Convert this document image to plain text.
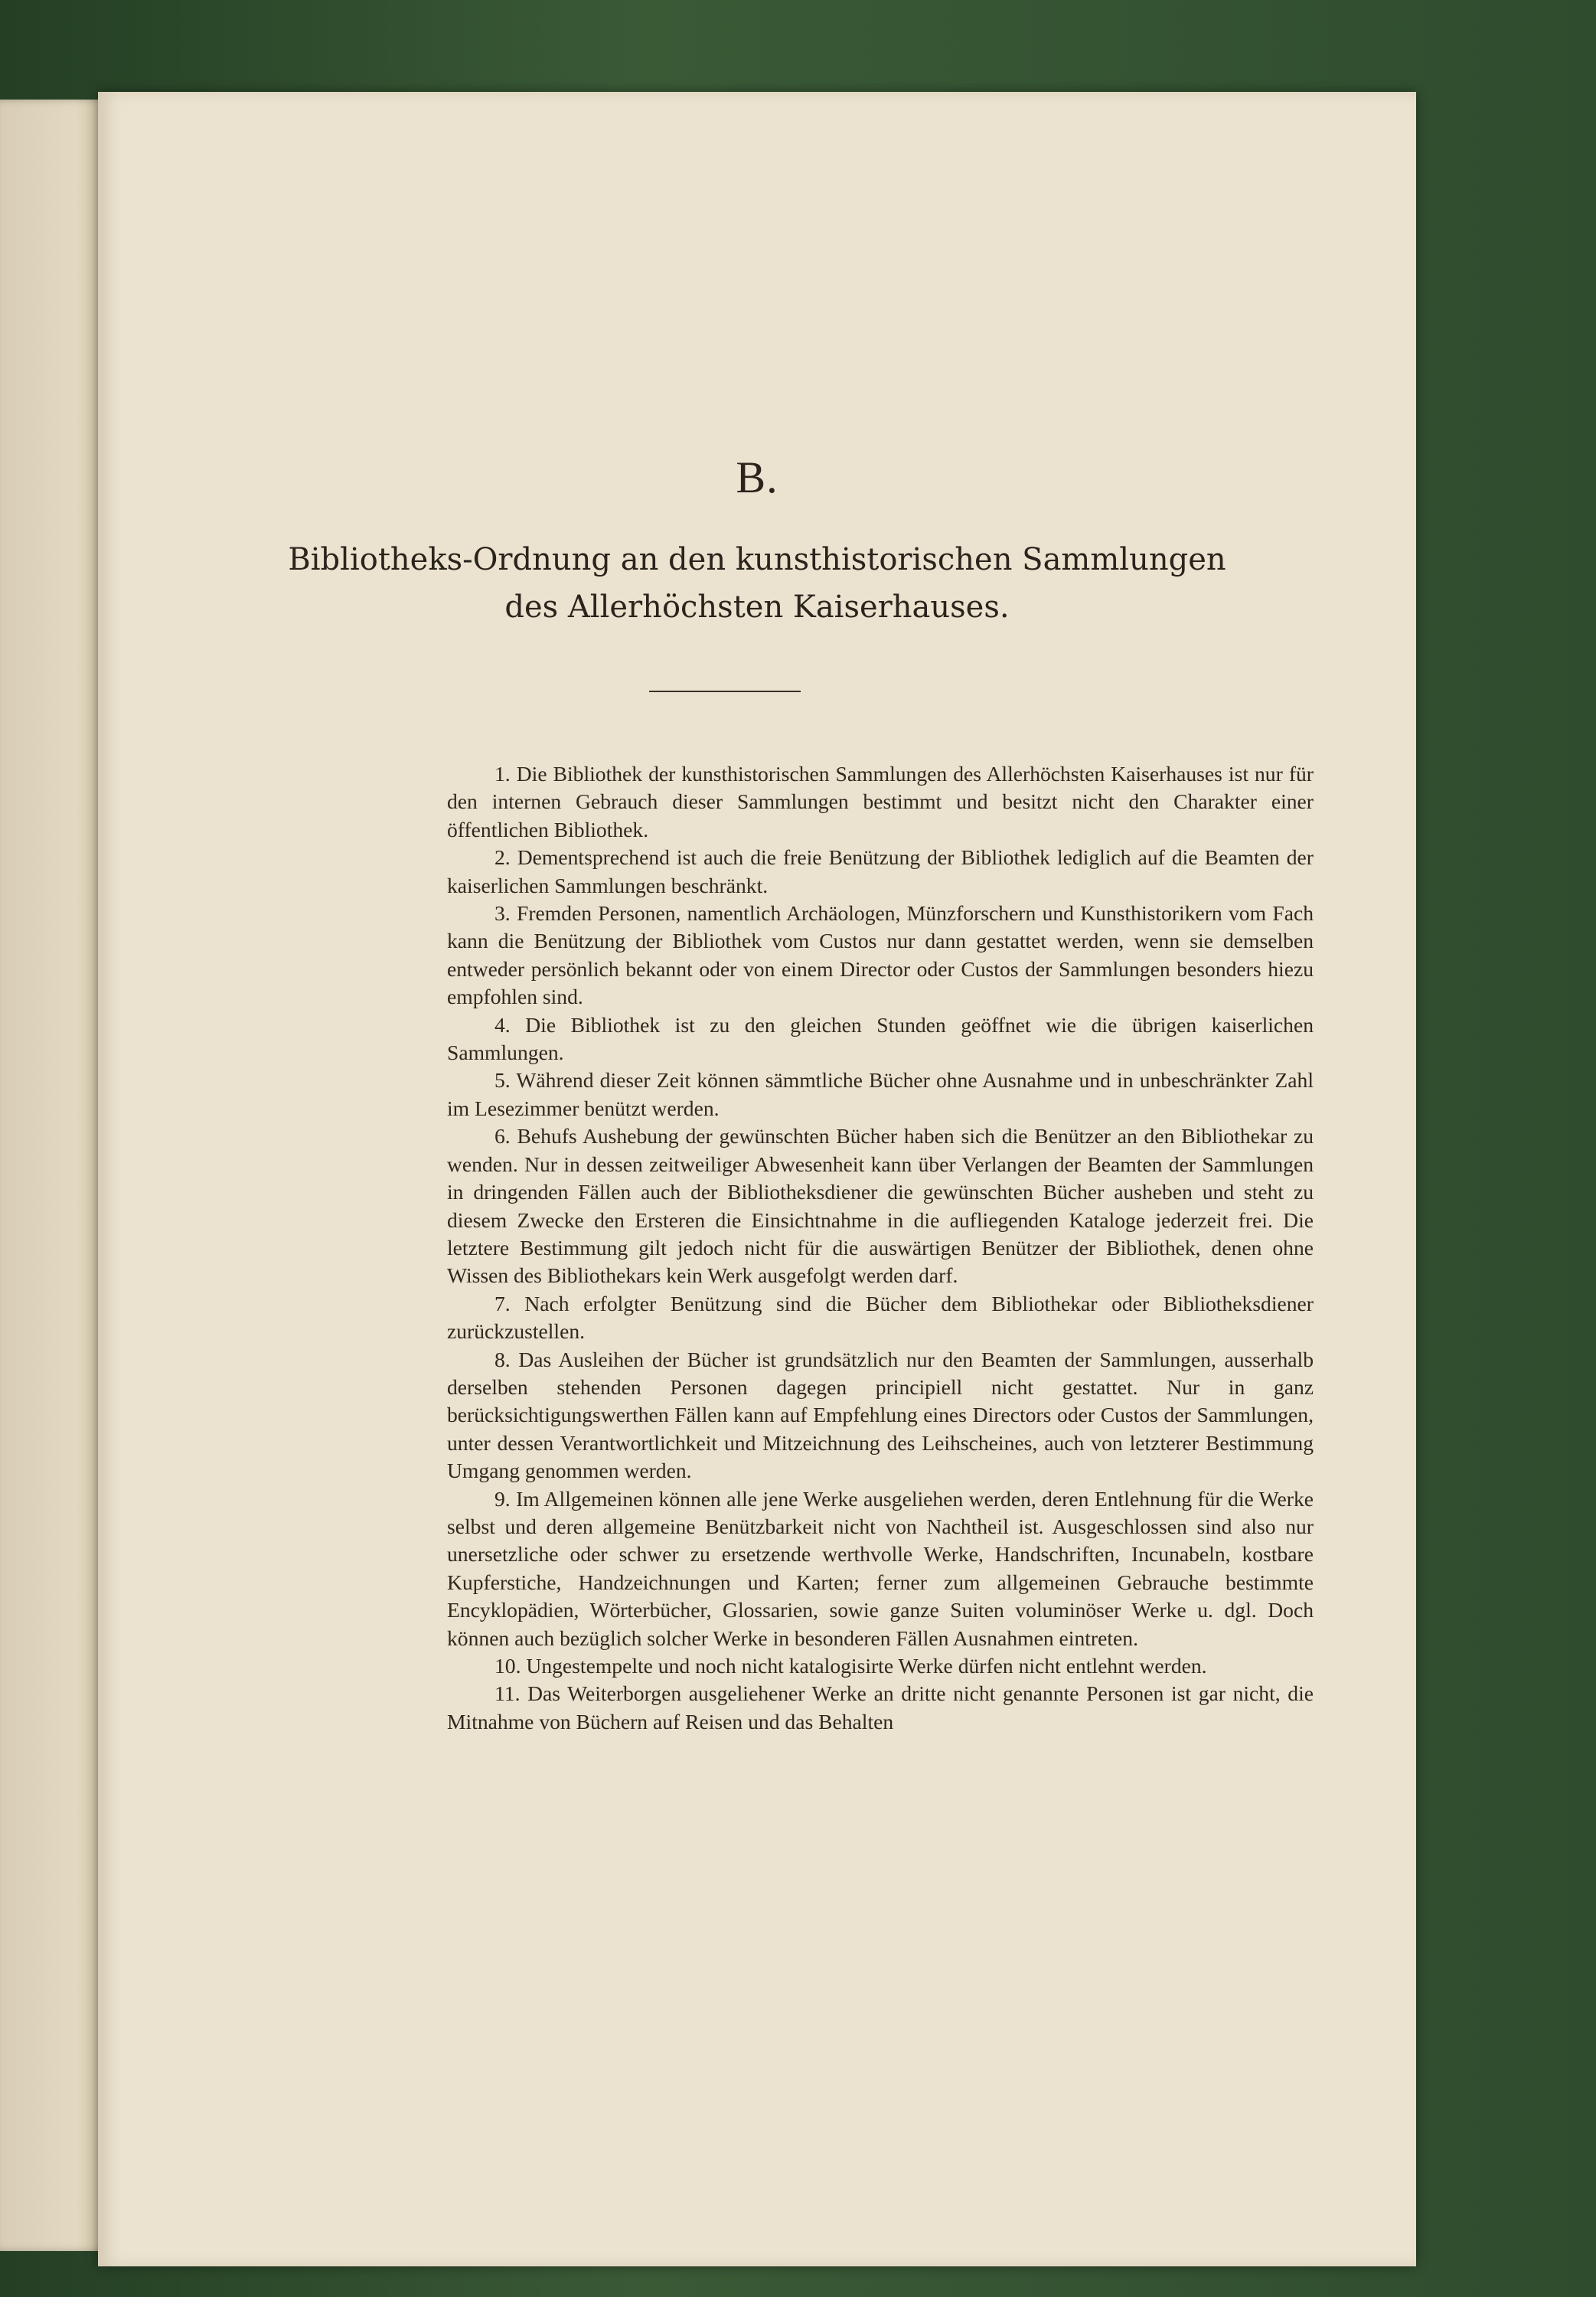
B.
Bibliotheks-Ordnung an den kunsthistorischen Sammlungen
des Allerhöchsten Kaiserhauses.

1. Die Bibliothek der kunsthistorischen Sammlungen des Allerhöchsten Kaiserhauses ist nur für den internen Gebrauch dieser Sammlungen bestimmt und besitzt nicht den Charakter einer öffentlichen Bibliothek.

2. Dementsprechend ist auch die freie Benützung der Bibliothek lediglich auf die Beamten der kaiserlichen Sammlungen beschränkt.

3. Fremden Personen, namentlich Archäologen, Münzforschern und Kunsthistorikern vom Fach kann die Benützung der Bibliothek vom Custos nur dann gestattet werden, wenn sie demselben entweder persönlich bekannt oder von einem Director oder Custos der Sammlungen besonders hiezu empfohlen sind.

4. Die Bibliothek ist zu den gleichen Stunden geöffnet wie die übrigen kaiserlichen Sammlungen.

5. Während dieser Zeit können sämmtliche Bücher ohne Ausnahme und in unbeschränkter Zahl im Lesezimmer benützt werden.

6. Behufs Aushebung der gewünschten Bücher haben sich die Benützer an den Bibliothekar zu wenden. Nur in dessen zeitweiliger Abwesenheit kann über Verlangen der Beamten der Sammlungen in dringenden Fällen auch der Bibliotheksdiener die gewünschten Bücher ausheben und steht zu diesem Zwecke den Ersteren die Einsichtnahme in die aufliegenden Kataloge jederzeit frei. Die letztere Bestimmung gilt jedoch nicht für die auswärtigen Benützer der Bibliothek, denen ohne Wissen des Bibliothekars kein Werk ausgefolgt werden darf.

7. Nach erfolgter Benützung sind die Bücher dem Bibliothekar oder Bibliotheksdiener zurückzustellen.

8. Das Ausleihen der Bücher ist grundsätzlich nur den Beamten der Sammlungen, ausserhalb derselben stehenden Personen dagegen principiell nicht gestattet. Nur in ganz berücksichtigungswerthen Fällen kann auf Empfehlung eines Directors oder Custos der Sammlungen, unter dessen Verantwortlichkeit und Mitzeichnung des Leihscheines, auch von letzterer Bestimmung Umgang genommen werden.

9. Im Allgemeinen können alle jene Werke ausgeliehen werden, deren Entlehnung für die Werke selbst und deren allgemeine Benützbarkeit nicht von Nachtheil ist. Ausgeschlossen sind also nur unersetzliche oder schwer zu ersetzende werthvolle Werke, Handschriften, Incunabeln, kostbare Kupferstiche, Handzeichnungen und Karten; ferner zum allgemeinen Gebrauche bestimmte Encyklopädien, Wörterbücher, Glossarien, sowie ganze Suiten voluminöser Werke u. dgl. Doch können auch bezüglich solcher Werke in besonderen Fällen Ausnahmen eintreten.

10. Ungestempelte und noch nicht katalogisirte Werke dürfen nicht entlehnt werden.

11. Das Weiterborgen ausgeliehener Werke an dritte nicht genannte Personen ist gar nicht, die Mitnahme von Büchern auf Reisen und das Behalten
